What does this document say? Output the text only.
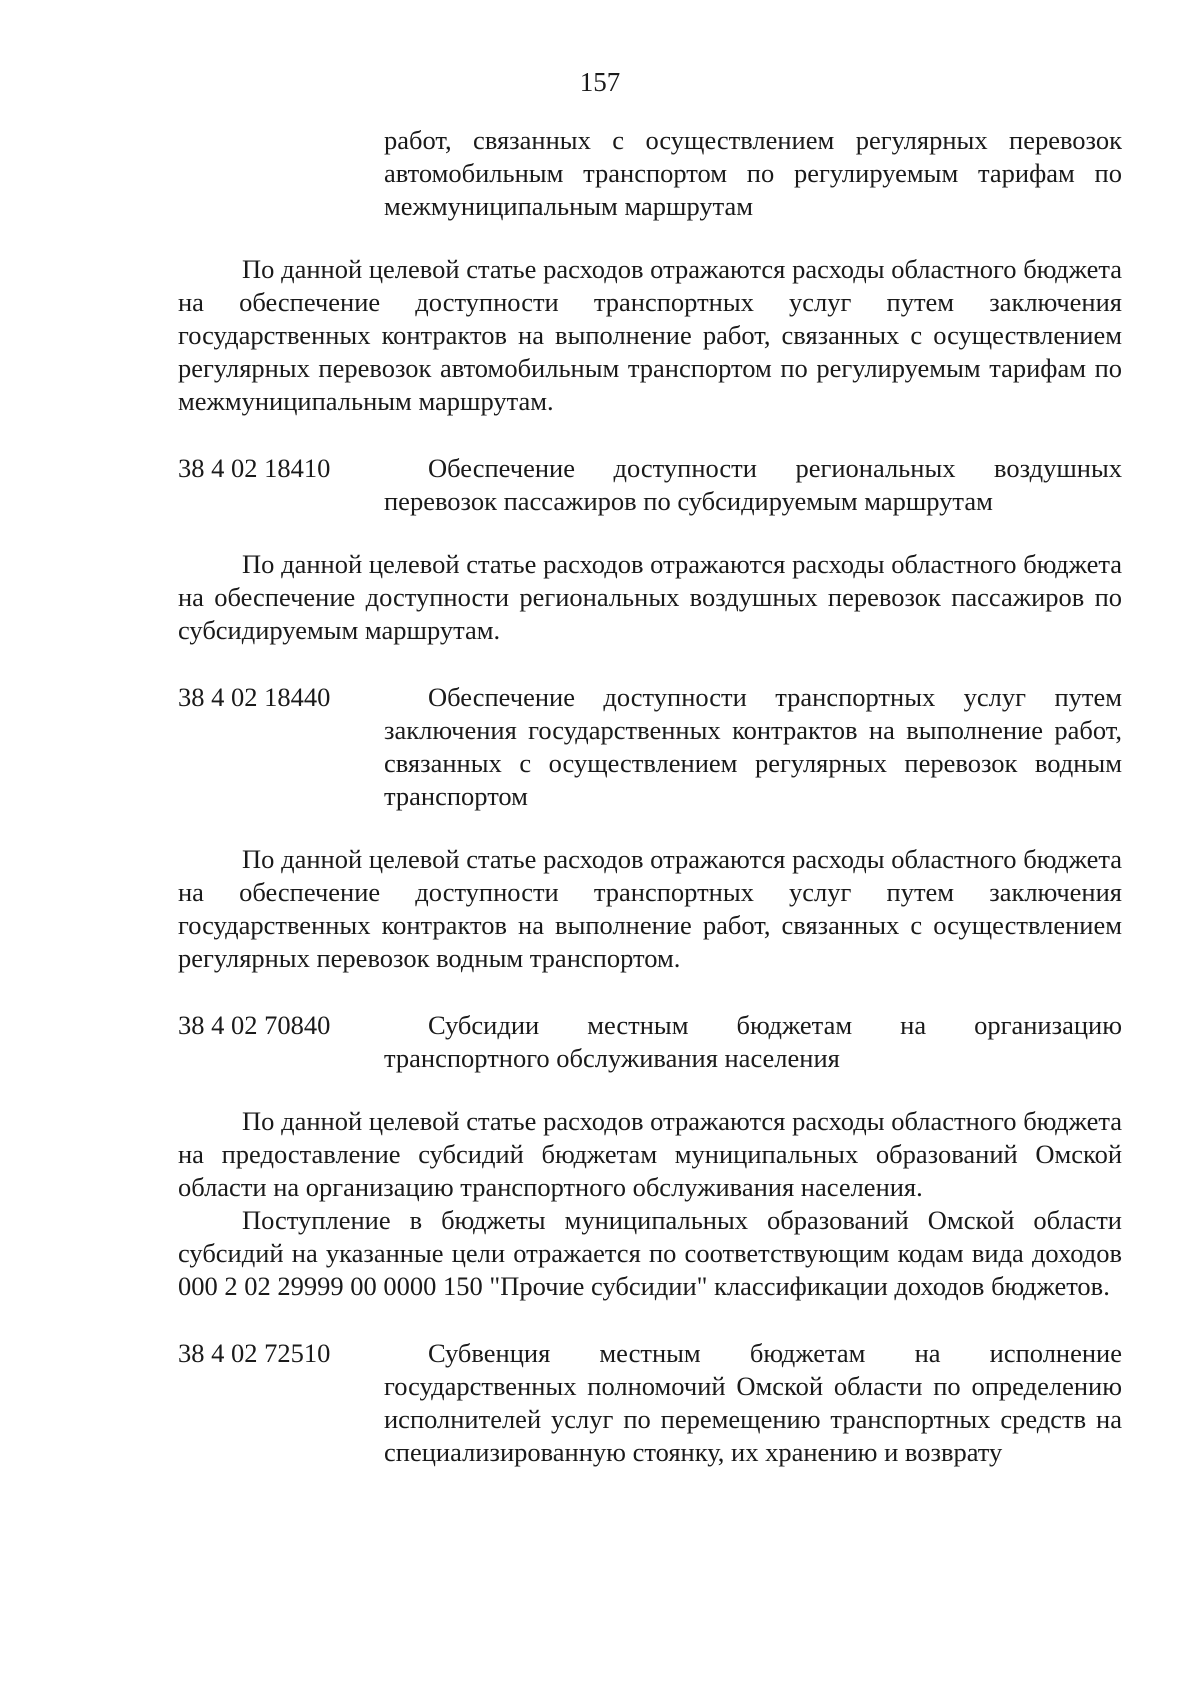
157
работ, связанных с осуществлением регулярных перевозок автомобильным транспортом по регулируемым тарифам по межмуниципальным маршрутам

По данной целевой статье расходов отражаются расходы областного бюджета на обеспечение доступности транспортных услуг путем заключения государственных контрактов на выполнение работ, связанных с осуществлением регулярных перевозок автомобильным транспортом по регулируемым тарифам по межмуниципальным маршрутам.

38 4 02 18410	Обеспечение доступности региональных воздушных перевозок пассажиров по субсидируемым маршрутам

По данной целевой статье расходов отражаются расходы областного бюджета на обеспечение доступности региональных воздушных перевозок пассажиров по субсидируемым маршрутам.

38 4 02 18440	Обеспечение доступности транспортных услуг путем заключения государственных контрактов на выполнение работ, связанных с осуществлением регулярных перевозок водным транспортом

По данной целевой статье расходов отражаются расходы областного бюджета на обеспечение доступности транспортных услуг путем заключения государственных контрактов на выполнение работ, связанных с осуществлением регулярных перевозок водным транспортом.

38 4 02 70840	Субсидии местным бюджетам на организацию транспортного обслуживания населения

По данной целевой статье расходов отражаются расходы областного бюджета на предоставление субсидий бюджетам муниципальных образований Омской области на организацию транспортного обслуживания населения.

Поступление в бюджеты муниципальных образований Омской области субсидий на указанные цели отражается по соответствующим кодам вида доходов 000 2 02 29999 00 0000 150 "Прочие субсидии" классификации доходов бюджетов.

38 4 02 72510	Субвенция местным бюджетам на исполнение государственных полномочий Омской области по определению исполнителей услуг по перемещению транспортных средств на специализированную стоянку, их хранению и возврату
